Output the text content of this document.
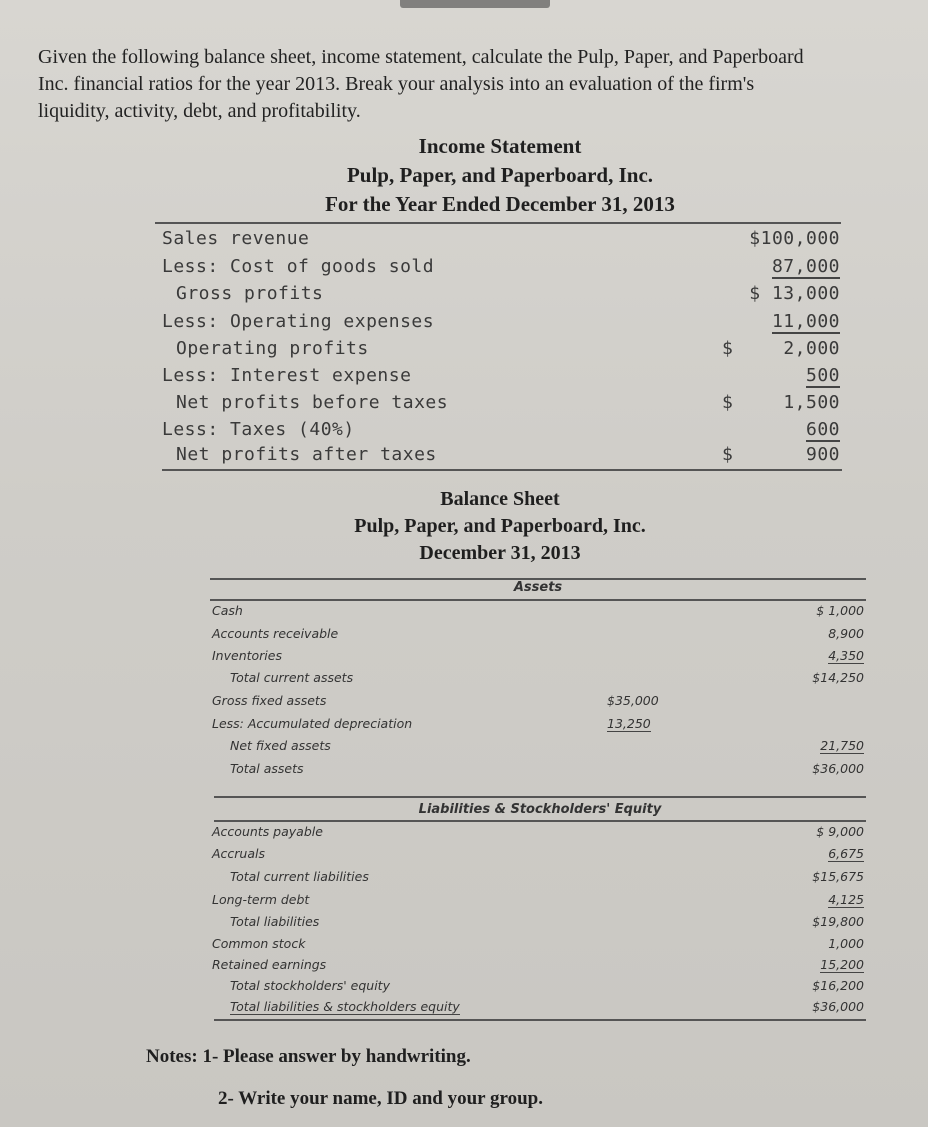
Given the following balance sheet, income statement, calculate the Pulp, Paper, and Paperboard
Inc. financial ratios for the year 2013. Break your analysis into an evaluation of the firm's
liquidity, activity, debt, and profitability.
Income Statement
Pulp, Paper, and Paperboard, Inc.
For the Year Ended December 31, 2013
Sales revenue	$100,000
Less: Cost of goods sold	87,000
Gross profits	$ 13,000
Less: Operating expenses	11,000
Operating profits	$	2,000
Less: Interest expense	500
Net profits before taxes	$	1,500
Less: Taxes (40%)	600
Net profits after taxes	$	900
Balance Sheet
Pulp, Paper, and Paperboard, Inc.
December 31, 2013
Assets
Cash	$ 1,000
Accounts receivable	8,900
Inventories	4,350
Total current assets	$14,250
Gross fixed assets	$35,000
Less: Accumulated depreciation	13,250
Net fixed assets	21,750
Total assets	$36,000
Liabilities & Stockholders' Equity
Accounts payable	$ 9,000
Accruals	6,675
Total current liabilities	$15,675
Long-term debt	4,125
Total liabilities	$19,800
Common stock	1,000
Retained earnings	15,200
Total stockholders' equity	$16,200
Total liabilities & stockholders equity	$36,000
Notes: 1- Please answer by handwriting.
2- Write your name, ID and your group.
